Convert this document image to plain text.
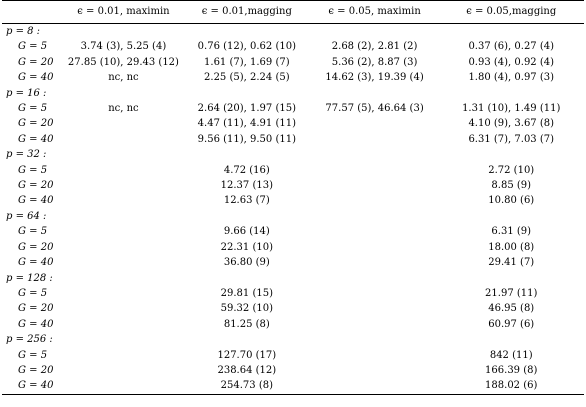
	ϵ = 0.01, maximin	ϵ = 0.01,magging	ϵ = 0.05, maximin	ϵ = 0.05,magging
p = 8 :				
G = 5	3.74 (3), 5.25 (4)	0.76 (12), 0.62 (10)	2.68 (2), 2.81 (2)	0.37 (6), 0.27 (4)
G = 20	27.85 (10), 29.43 (12)	1.61 (7), 1.69 (7)	5.36 (2), 8.87 (3)	0.93 (4), 0.92 (4)
G = 40	nc, nc	2.25 (5), 2.24 (5)	14.62 (3), 19.39 (4)	1.80 (4), 0.97 (3)
p = 16 :				
G = 5	nc, nc	2.64 (20), 1.97 (15)	77.57 (5), 46.64 (3)	1.31 (10), 1.49 (11)
G = 20		4.47 (11), 4.91 (11)		4.10 (9), 3.67 (8)
G = 40		9.56 (11), 9.50 (11)		6.31 (7), 7.03 (7)
p = 32 :				
G = 5		4.72 (16)		2.72 (10)
G = 20		12.37 (13)		8.85 (9)
G = 40		12.63 (7)		10.80 (6)
p = 64 :				
G = 5		9.66 (14)		6.31 (9)
G = 20		22.31 (10)		18.00 (8)
G = 40		36.80 (9)		29.41 (7)
p = 128 :				
G = 5		29.81 (15)		21.97 (11)
G = 20		59.32 (10)		46.95 (8)
G = 40		81.25 (8)		60.97 (6)
p = 256 :				
G = 5		127.70 (17)		842 (11)
G = 20		238.64 (12)		166.39 (8)
G = 40		254.73 (8)		188.02 (6)
